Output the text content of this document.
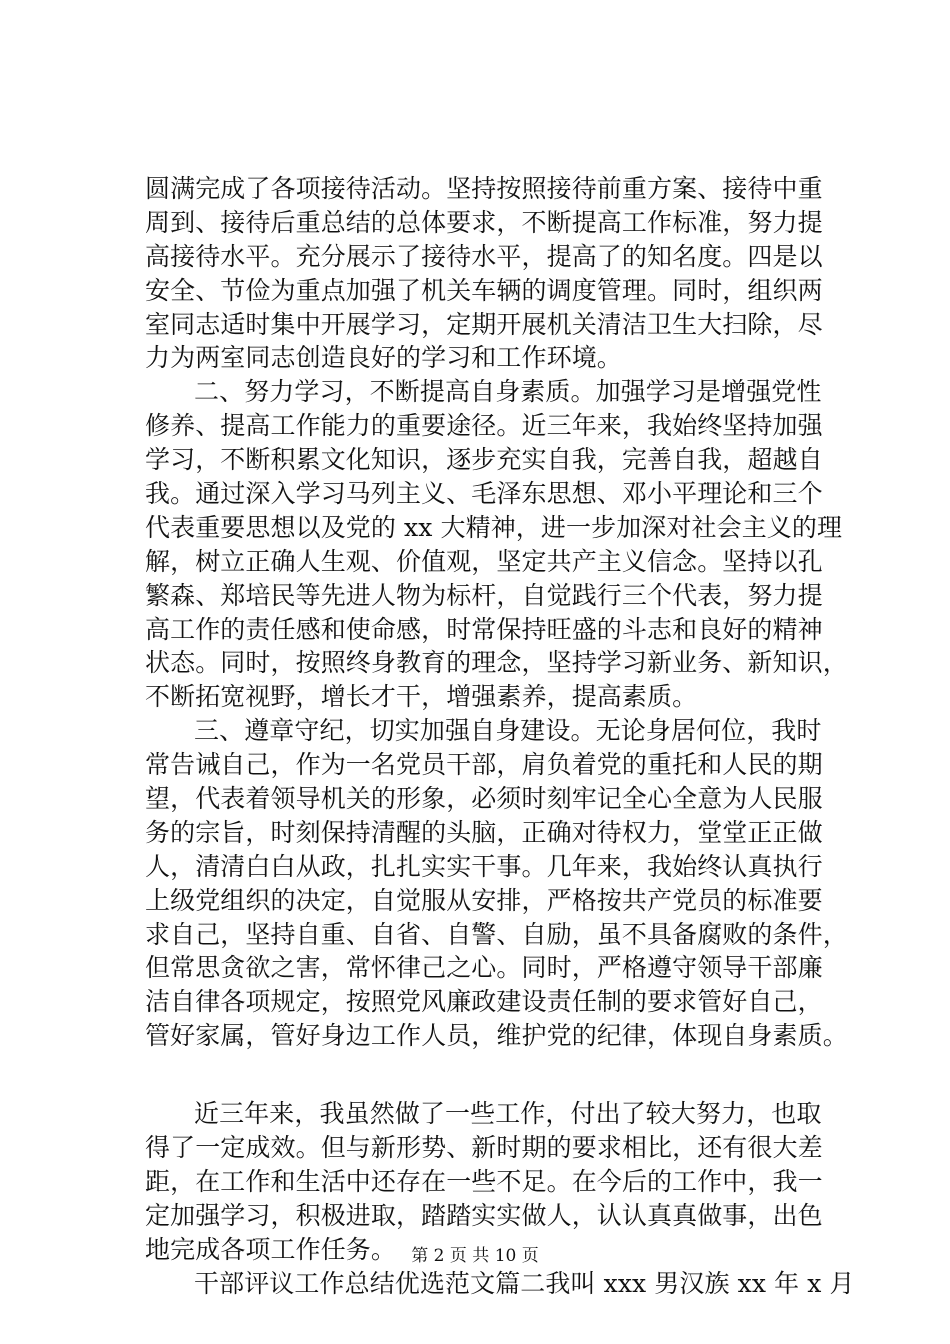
圆满完成了各项接待活动。坚持按照接待前重方案、接待中重
周到、接待后重总结的总体要求，不断提高工作标准，努力提
高接待水平。充分展示了接待水平，提高了的知名度。四是以
安全、节俭为重点加强了机关车辆的调度管理。同时，组织两
室同志适时集中开展学习，定期开展机关清洁卫生大扫除，尽
力为两室同志创造良好的学习和工作环境。
二、努力学习，不断提高自身素质。加强学习是增强党性
修养、提高工作能力的重要途径。近三年来，我始终坚持加强
学习，不断积累文化知识，逐步充实自我，完善自我，超越自
我。通过深入学习马列主义、毛泽东思想、邓小平理论和三个
代表重要思想以及党的 xx 大精神，进一步加深对社会主义的理
解，树立正确人生观、价值观，坚定共产主义信念。坚持以孔
繁森、郑培民等先进人物为标杆，自觉践行三个代表，努力提
高工作的责任感和使命感，时常保持旺盛的斗志和良好的精神
状态。同时，按照终身教育的理念，坚持学习新业务、新知识，
不断拓宽视野，增长才干，增强素养，提高素质。
三、遵章守纪，切实加强自身建设。无论身居何位，我时
常告诫自己，作为一名党员干部，肩负着党的重托和人民的期
望，代表着领导机关的形象，必须时刻牢记全心全意为人民服
务的宗旨，时刻保持清醒的头脑，正确对待权力，堂堂正正做
人，清清白白从政，扎扎实实干事。几年来，我始终认真执行
上级党组织的决定，自觉服从安排，严格按共产党员的标准要
求自己，坚持自重、自省、自警、自励，虽不具备腐败的条件，
但常思贪欲之害，常怀律己之心。同时，严格遵守领导干部廉
洁自律各项规定，按照党风廉政建设责任制的要求管好自己，
管好家属，管好身边工作人员，维护党的纪律，体现自身素质。
近三年来，我虽然做了一些工作，付出了较大努力，也取
得了一定成效。但与新形势、新时期的要求相比，还有很大差
距，在工作和生活中还存在一些不足。在今后的工作中，我一
定加强学习，积极进取，踏踏实实做人，认认真真做事，出色
地完成各项工作任务。
干部评议工作总结优选范文篇二我叫 xxx 男汉族 xx 年 x 月
第 2 页 共 10 页
